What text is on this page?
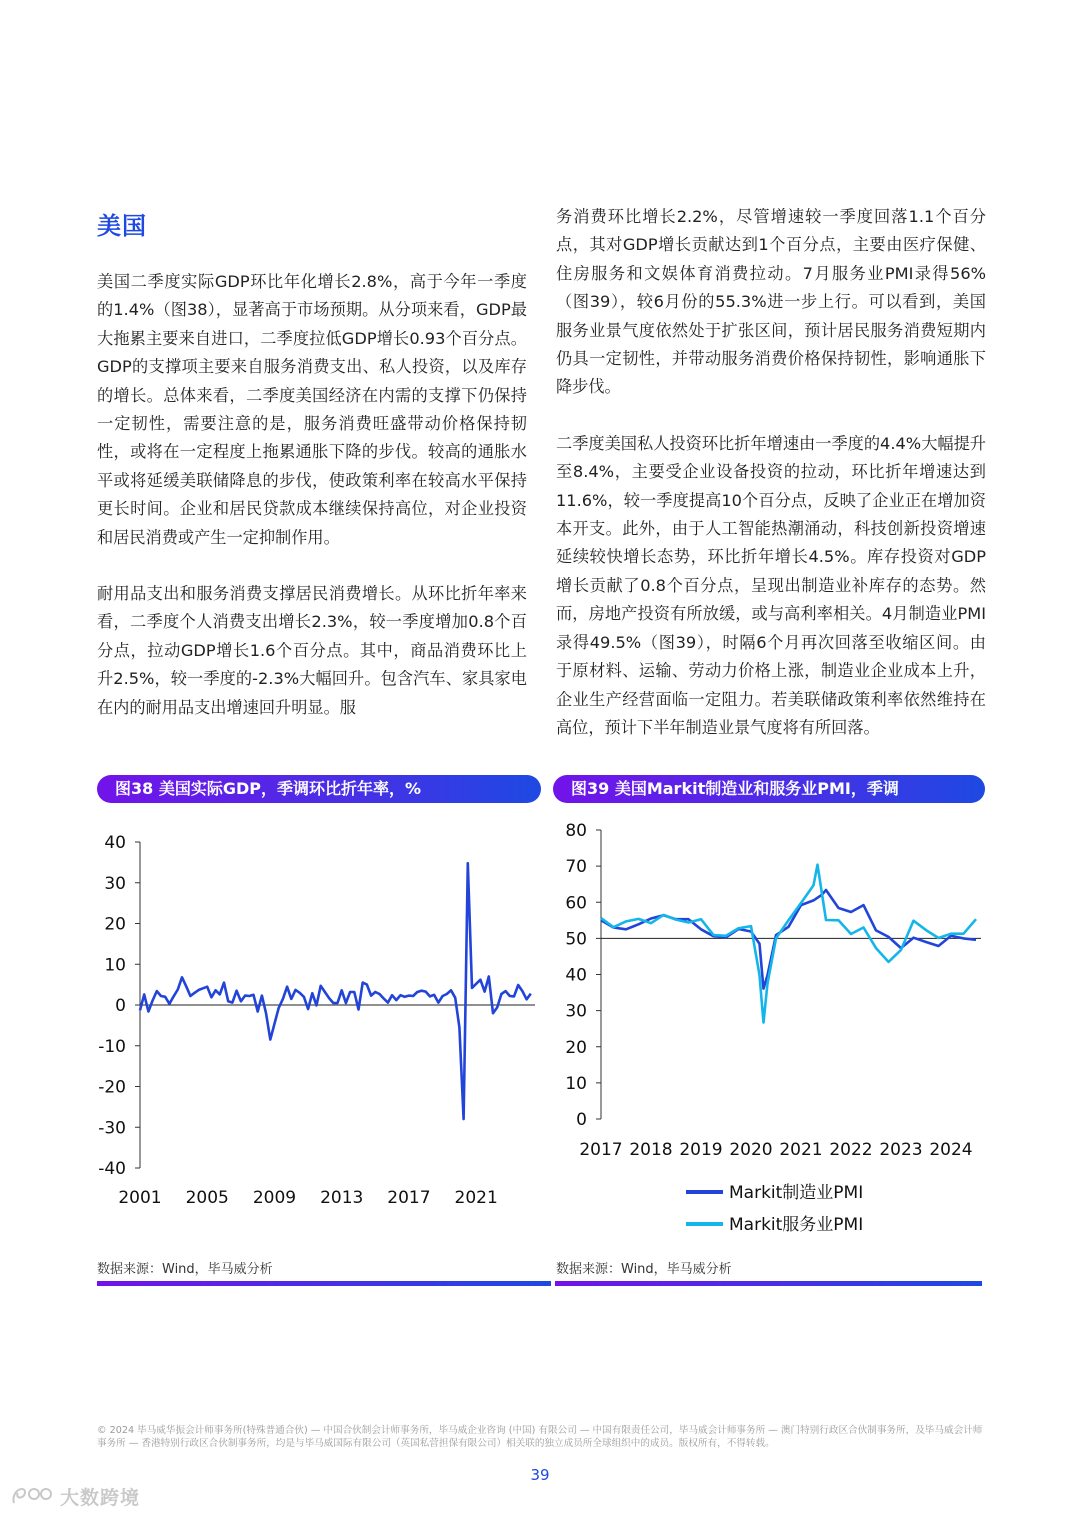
美国

美国二季度实际GDP环比年化增长2.8%，高于今年一季度的1.4%（图38），显著高于市场预期。从分项来看，GDP最大拖累主要来自进口，二季度拉低GDP增长0.93个百分点。GDP的支撑项主要来自服务消费支出、私人投资，以及库存的增长。总体来看，二季度美国经济在内需的支撑下仍保持一定韧性，需要注意的是，服务消费旺盛带动价格保持韧性，或将在一定程度上拖累通胀下降的步伐。较高的通胀水平或将延缓美联储降息的步伐，使政策利率在较高水平保持更长时间。企业和居民贷款成本继续保持高位，对企业投资和居民消费或产生一定抑制作用。

耐用品支出和服务消费支撑居民消费增长。从环比折年率来看，二季度个人消费支出增长2.3%，较一季度增加0.8个百分点，拉动GDP增长1.6个百分点。其中，商品消费环比上升2.5%，较一季度的-2.3%大幅回升。包含汽车、家具家电在内的耐用品支出增速回升明显。服

务消费环比增长2.2%，尽管增速较一季度回落1.1个百分点，其对GDP增长贡献达到1个百分点，主要由医疗保健、住房服务和文娱体育消费拉动。7月服务业PMI录得56%（图39），较6月份的55.3%进一步上行。可以看到，美国服务业景气度依然处于扩张区间，预计居民服务消费短期内仍具一定韧性，并带动服务消费价格保持韧性，影响通胀下降步伐。

二季度美国私人投资环比折年增速由一季度的4.4%大幅提升至8.4%，主要受企业设备投资的拉动，环比折年增速达到11.6%，较一季度提高10个百分点，反映了企业正在增加资本开支。此外，由于人工智能热潮涌动，科技创新投资增速延续较快增长态势，环比折年增长4.5%。库存投资对GDP增长贡献了0.8个百分点，呈现出制造业补库存的态势。然而，房地产投资有所放缓，或与高利率相关。4月制造业PMI录得49.5%（图39），时隔6个月再次回落至收缩区间。由于原材料、运输、劳动力价格上涨，制造业企业成本上升，企业生产经营面临一定阻力。若美联储政策利率依然维持在高位，预计下半年制造业景气度将有所回落。

图38 美国实际GDP，季调环比折年率，%	图39 美国Markit制造业和服务业PMI，季调
40
30
20
10
0
-10
-20
-30
-40
2001 2005 2009 2013 2017 2021
80
70
60
50
40
30
20
10
0
2017 2018 2019 2020 2021 2022 2023 2024
Markit制造业PMI
Markit服务业PMI
数据来源：Wind，毕马威分析	数据来源：Wind，毕马威分析
© 2024 毕马威华振会计师事务所(特殊普通合伙) — 中国合伙制会计师事务所，毕马威企业咨询 (中国) 有限公司 — 中国有限责任公司，毕马威会计师事务所 — 澳门特别行政区合伙制事务所，及毕马威会计师事务所 — 香港特别行政区合伙制事务所，均是与毕马威国际有限公司（英国私营担保有限公司）相关联的独立成员所全球组织中的成员。版权所有，不得转载。
39
大数跨境
